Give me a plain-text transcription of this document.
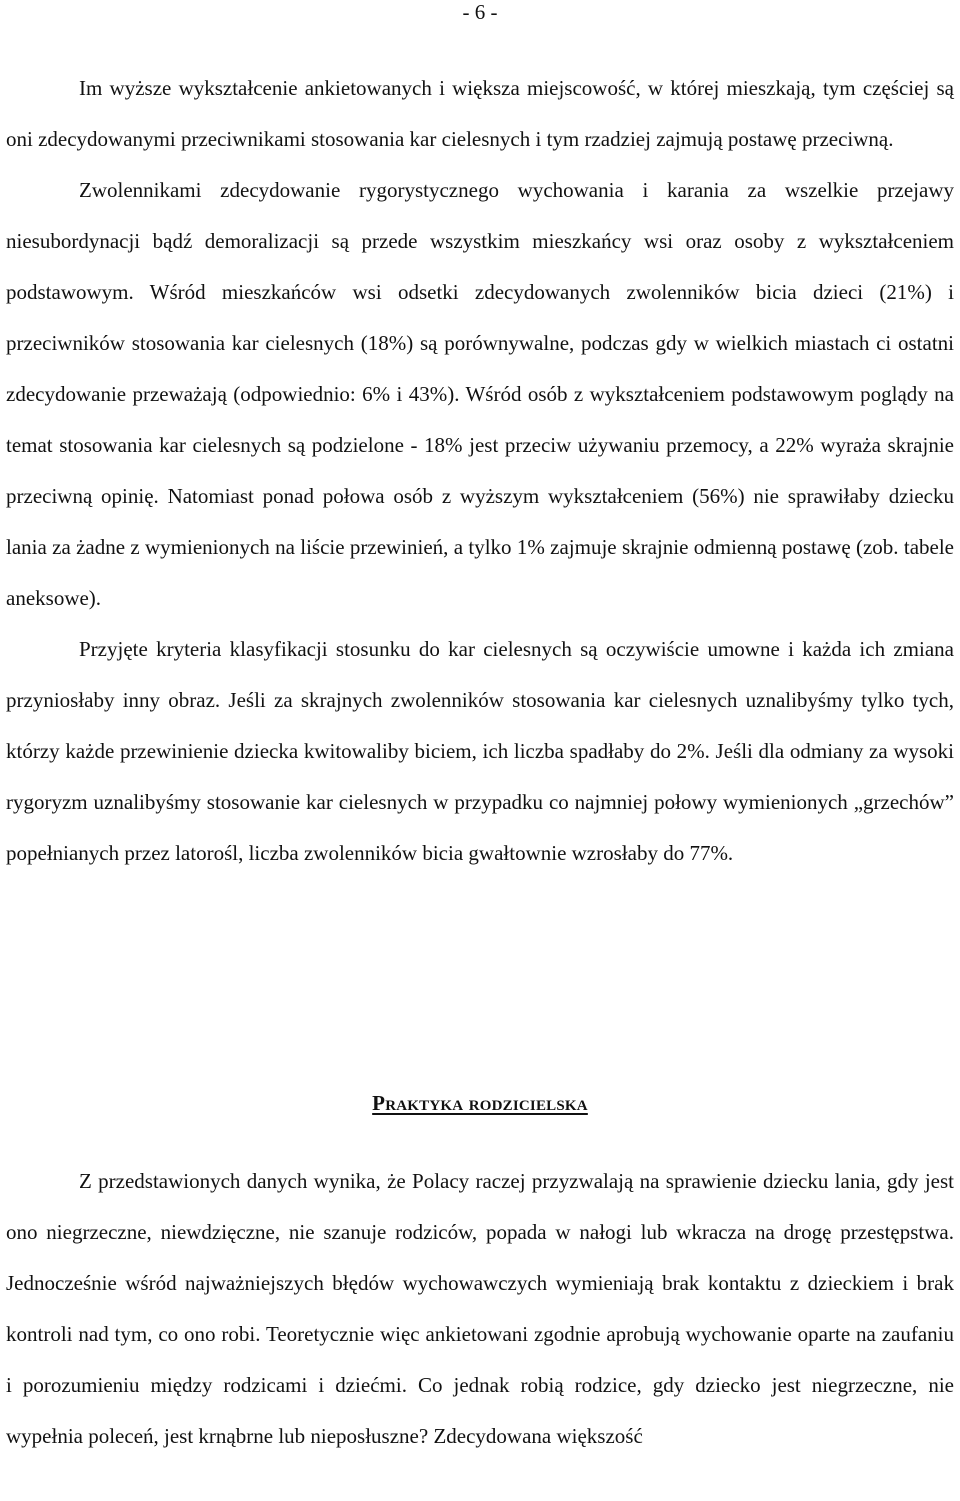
- 6 -

Im wyższe wykształcenie ankietowanych i większa miejscowość, w której mieszkają, tym częściej są oni zdecydowanymi przeciwnikami stosowania kar cielesnych i tym rzadziej zajmują postawę przeciwną.

Zwolennikami zdecydowanie rygorystycznego wychowania i karania za wszelkie przejawy niesubordynacji bądź demoralizacji są przede wszystkim mieszkańcy wsi oraz osoby z wykształceniem podstawowym. Wśród mieszkańców wsi odsetki zdecydowanych zwolenników bicia dzieci (21%) i przeciwników stosowania kar cielesnych (18%) są porównywalne, podczas gdy w wielkich miastach ci ostatni zdecydowanie przeważają (odpowiednio: 6% i 43%). Wśród osób z wykształceniem podstawowym poglądy na temat stosowania kar cielesnych są podzielone - 18% jest przeciw używaniu przemocy, a 22% wyraża skrajnie przeciwną opinię. Natomiast ponad połowa osób z wyższym wykształceniem (56%) nie sprawiłaby dziecku lania za żadne z wymienionych na liście przewinień, a tylko 1% zajmuje skrajnie odmienną postawę (zob. tabele aneksowe).

Przyjęte kryteria klasyfikacji stosunku do kar cielesnych są oczywiście umowne i każda ich zmiana przyniosłaby inny obraz. Jeśli za skrajnych zwolenników stosowania kar cielesnych uznalibyśmy tylko tych, którzy każde przewinienie dziecka kwitowaliby biciem, ich liczba spadłaby do 2%. Jeśli dla odmiany za wysoki rygoryzm uznalibyśmy stosowanie kar cielesnych w przypadku co najmniej połowy wymienionych „grzechów” popełnianych przez latorośl, liczba zwolenników bicia gwałtownie wzrosłaby do 77%.

Praktyka rodzicielska

Z przedstawionych danych wynika, że Polacy raczej przyzwalają na sprawienie dziecku lania, gdy jest ono niegrzeczne, niewdzięczne, nie szanuje rodziców, popada w nałogi lub wkracza na drogę przestępstwa. Jednocześnie wśród najważniejszych błędów wychowawczych wymieniają brak kontaktu z dzieckiem i brak kontroli nad tym, co ono robi. Teoretycznie więc ankietowani zgodnie aprobują wychowanie oparte na zaufaniu i porozumieniu między rodzicami i dziećmi. Co jednak robią rodzice, gdy dziecko jest niegrzeczne, nie wypełnia poleceń, jest krnąbrne lub nieposłuszne? Zdecydowana większość
